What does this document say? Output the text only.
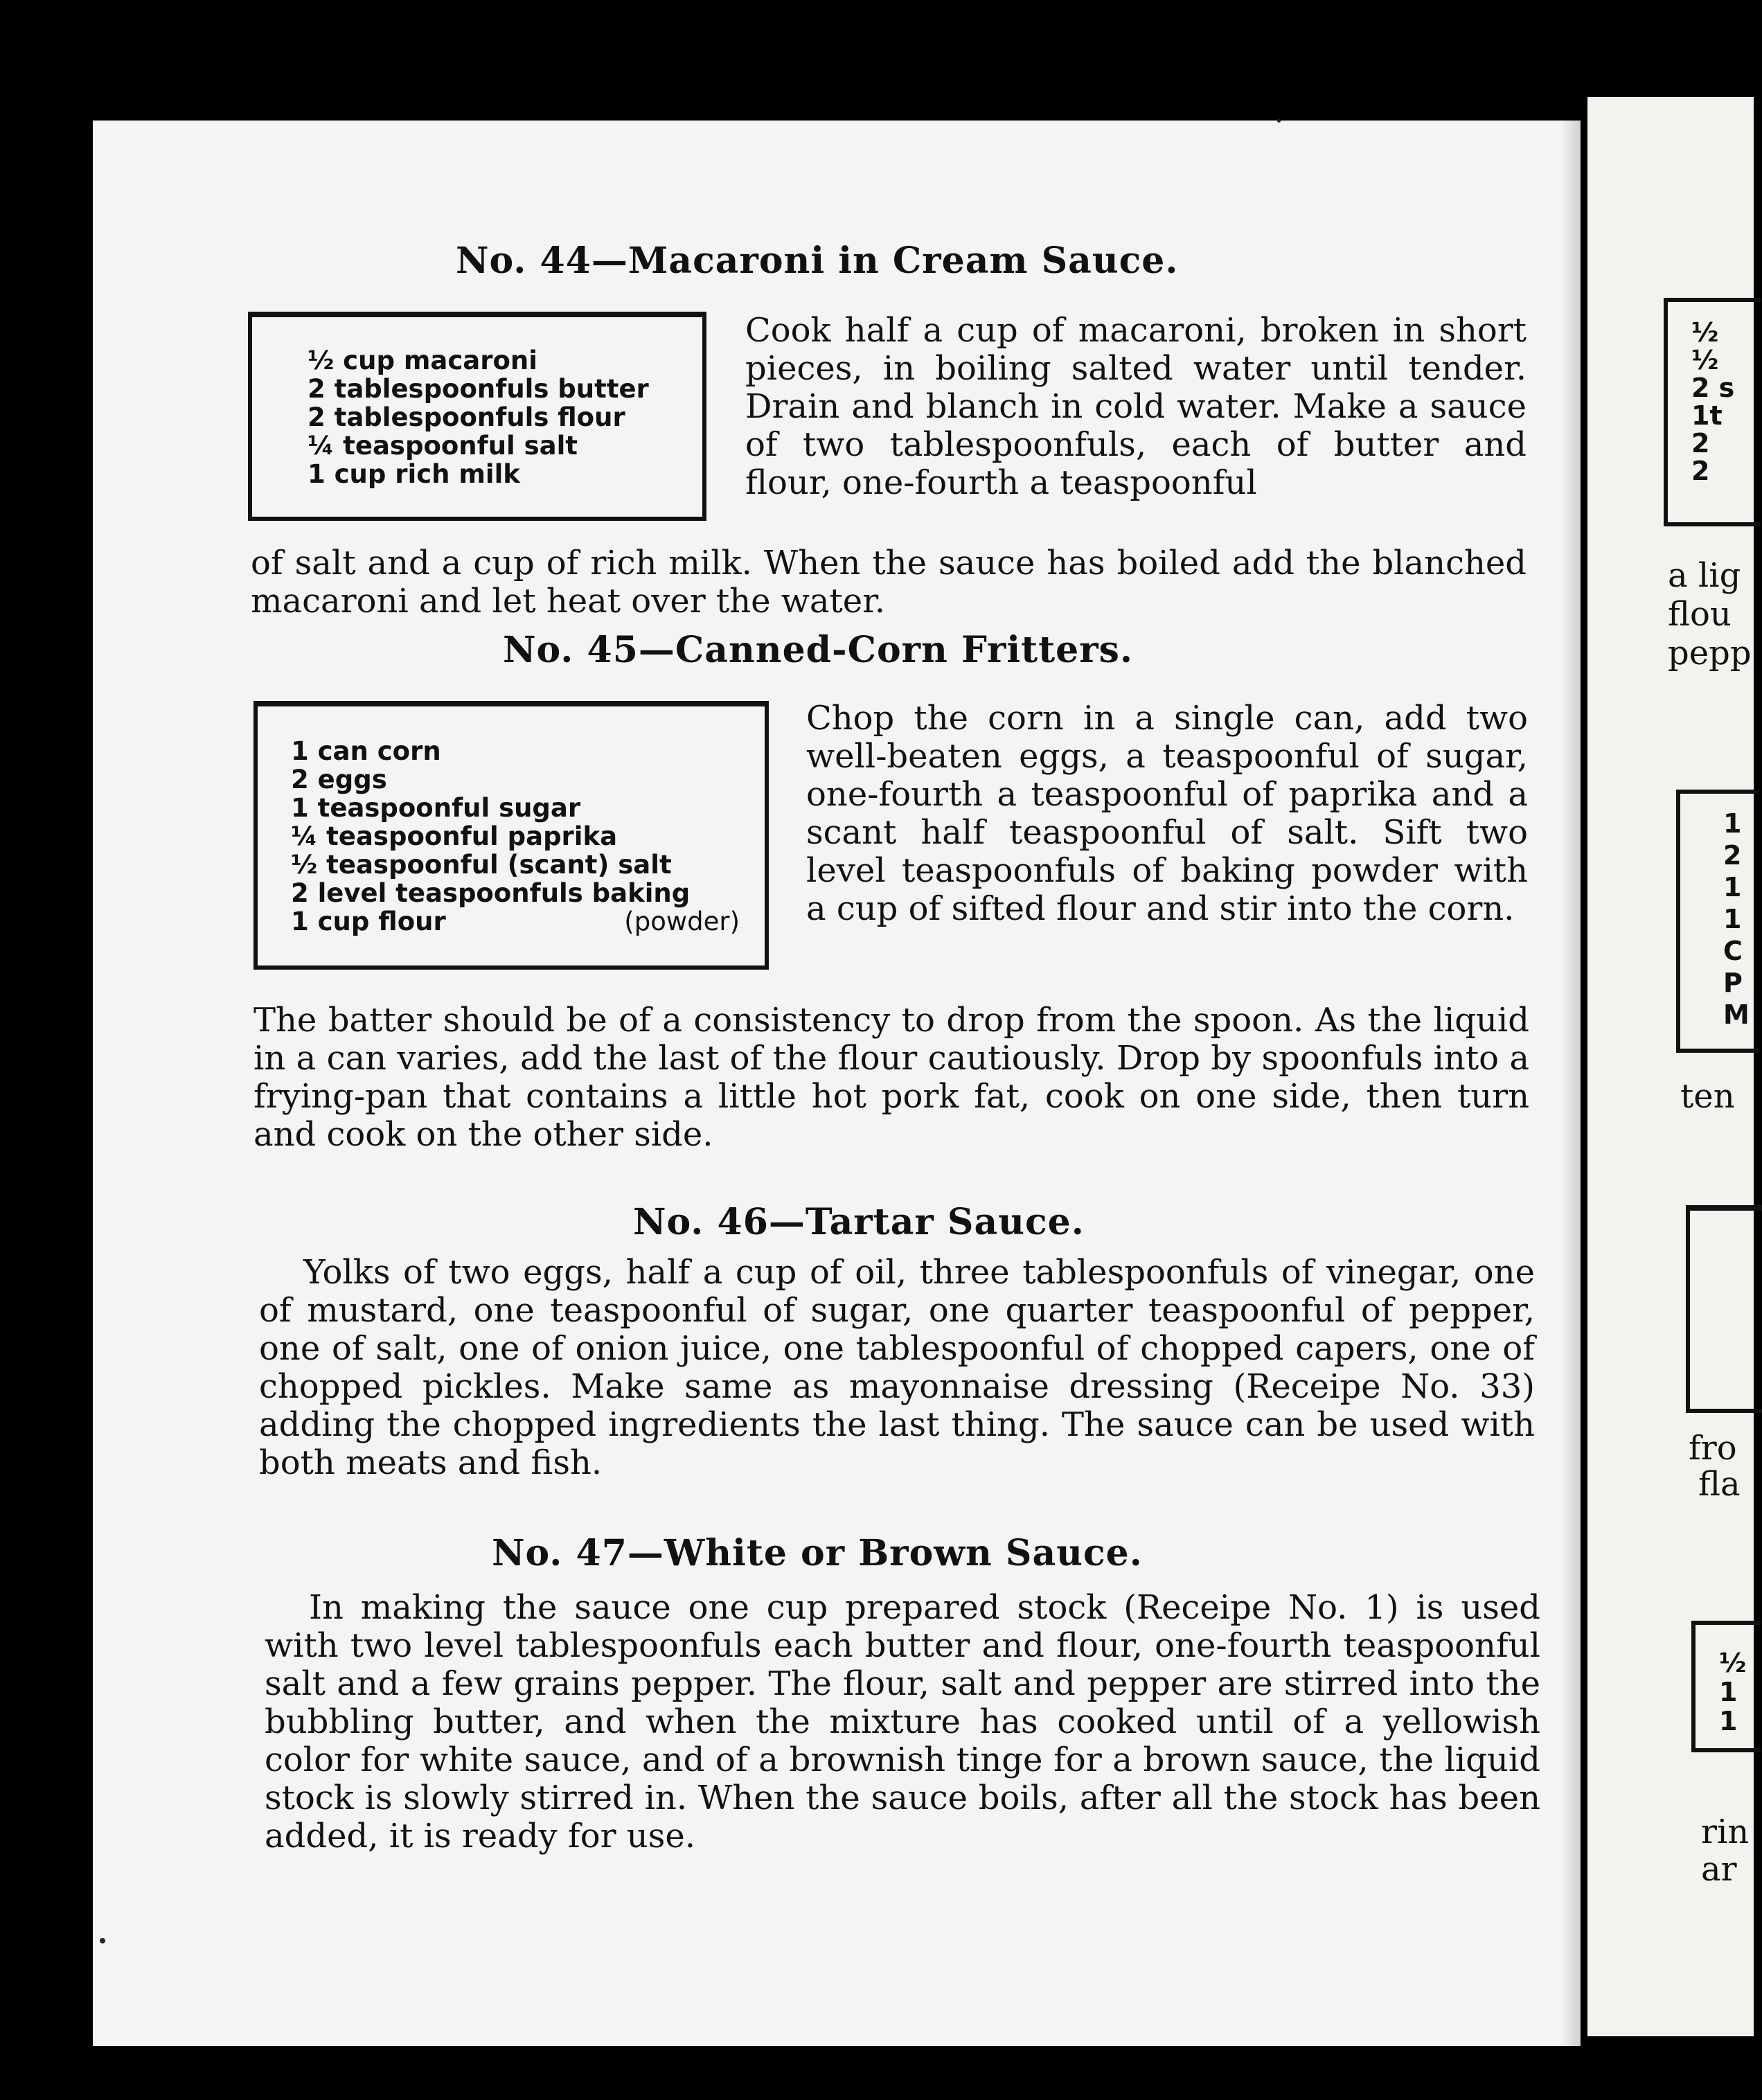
No. 44—Macaroni in Cream Sauce.
½ cup macaroni
2 tablespoonfuls butter
2 tablespoonfuls flour
¼ teaspoonful salt
1 cup rich milk

Cook half a cup of macaroni, broken in short pieces, in boiling salted water until tender. Drain and blanch in cold water. Make a sauce of two tablespoonfuls, each of butter and flour, one-fourth a teaspoonful

of salt and a cup of rich milk. When the sauce has boiled add the blanched macaroni and let heat over the water.

No. 45—Canned-Corn Fritters.
1 can corn
2 eggs
1 teaspoonful sugar
¼ teaspoonful paprika
½ teaspoonful (scant) salt
2 level teaspoonfuls baking
1 cup flour	(powder)

Chop the corn in a single can, add two well-beaten eggs, a teaspoonful of sugar, one-fourth a teaspoonful of paprika and a scant half teaspoonful of salt. Sift two level teaspoonfuls of baking powder with a cup of sifted flour and stir into the corn.

The batter should be of a consistency to drop from the spoon. As the liquid in a can varies, add the last of the flour cautiously. Drop by spoonfuls into a frying-pan that contains a little hot pork fat, cook on one side, then turn and cook on the other side.

No. 46—Tartar Sauce.

Yolks of two eggs, half a cup of oil, three tablespoonfuls of vinegar, one of mustard, one teaspoonful of sugar, one quarter teaspoonful of pepper, one of salt, one of onion juice, one tablespoonful of chopped capers, one of chopped pickles. Make same as mayonnaise dressing (Receipe No. 33) adding the chopped ingredients the last thing. The sauce can be used with both meats and fish.

No. 47—White or Brown Sauce.

In making the sauce one cup prepared stock (Receipe No. 1) is used with two level tablespoonfuls each butter and flour, one-fourth teaspoonful salt and a few grains pepper. The flour, salt and pepper are stirred into the bubbling butter, and when the mixture has cooked until of a yellowish color for white sauce, and of a brownish tinge for a brown sauce, the liquid stock is slowly stirred in. When the sauce boils, after all the stock has been added, it is ready for use.

½
½
2 s
1t
2
2
a lig
flou
pepp
1
2
1
1
C
P
M
ten
fro
fla
½
1
1
rin
ar
